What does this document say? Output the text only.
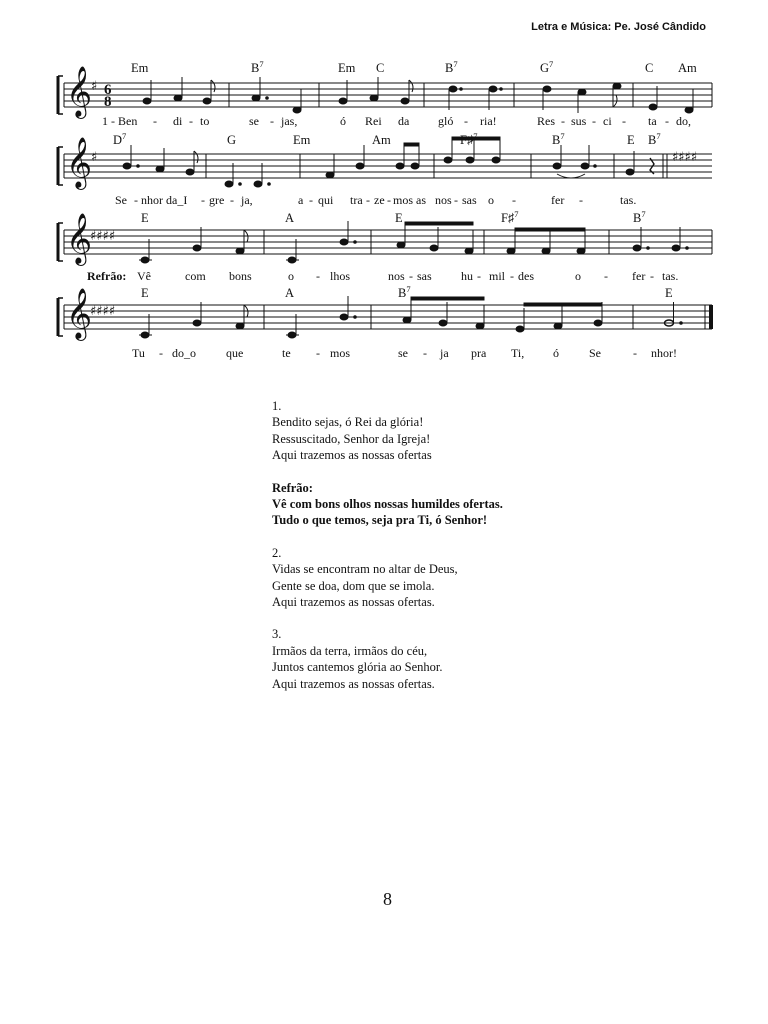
Letra e Música: Pe. José Cândido
𝄞
♯ 6
8
Em	$B^7$	Em C	$B^7$	$G^7$	C Am
1 - Ben - di - to	se - jas,	ó Rei da gló - ria!	Res - sus - ci - ta - do,
𝄞
♯	♯♯♯♯
$D^7$	G	Em	Am	F♯$^7$	$B^7$	E $B^7$
Se - nhor da_I - gre - ja,	a - qui tra - ze - mos as nos - sas o -	fer -	tas.
𝄞
♯♯♯♯
E	A	E	F♯$^7$	$B^7$
Refrão: Vê	com bons	o - lhos	nos - sas hu - mil - des	o - fer - tas.
𝄞
♯♯♯♯
E	A	$B^7$	E
Tu - do_o	que	te - mos	se - ja pra Ti, ó	Se	- nhor!

1.

Bendito sejas, ó Rei da glória!

Ressuscitado, Senhor da Igreja!

Aqui trazemos as nossas ofertas

Refrão:

Vê com bons olhos nossas humildes ofertas.

Tudo o que temos, seja pra Ti, ó Senhor!

2.

Vidas se encontram no altar de Deus,

Gente se doa, dom que se imola.

Aqui trazemos as nossas ofertas.

3.

Irmãos da terra, irmãos do céu,

Juntos cantemos glória ao Senhor.

Aqui trazemos as nossas ofertas.

8
